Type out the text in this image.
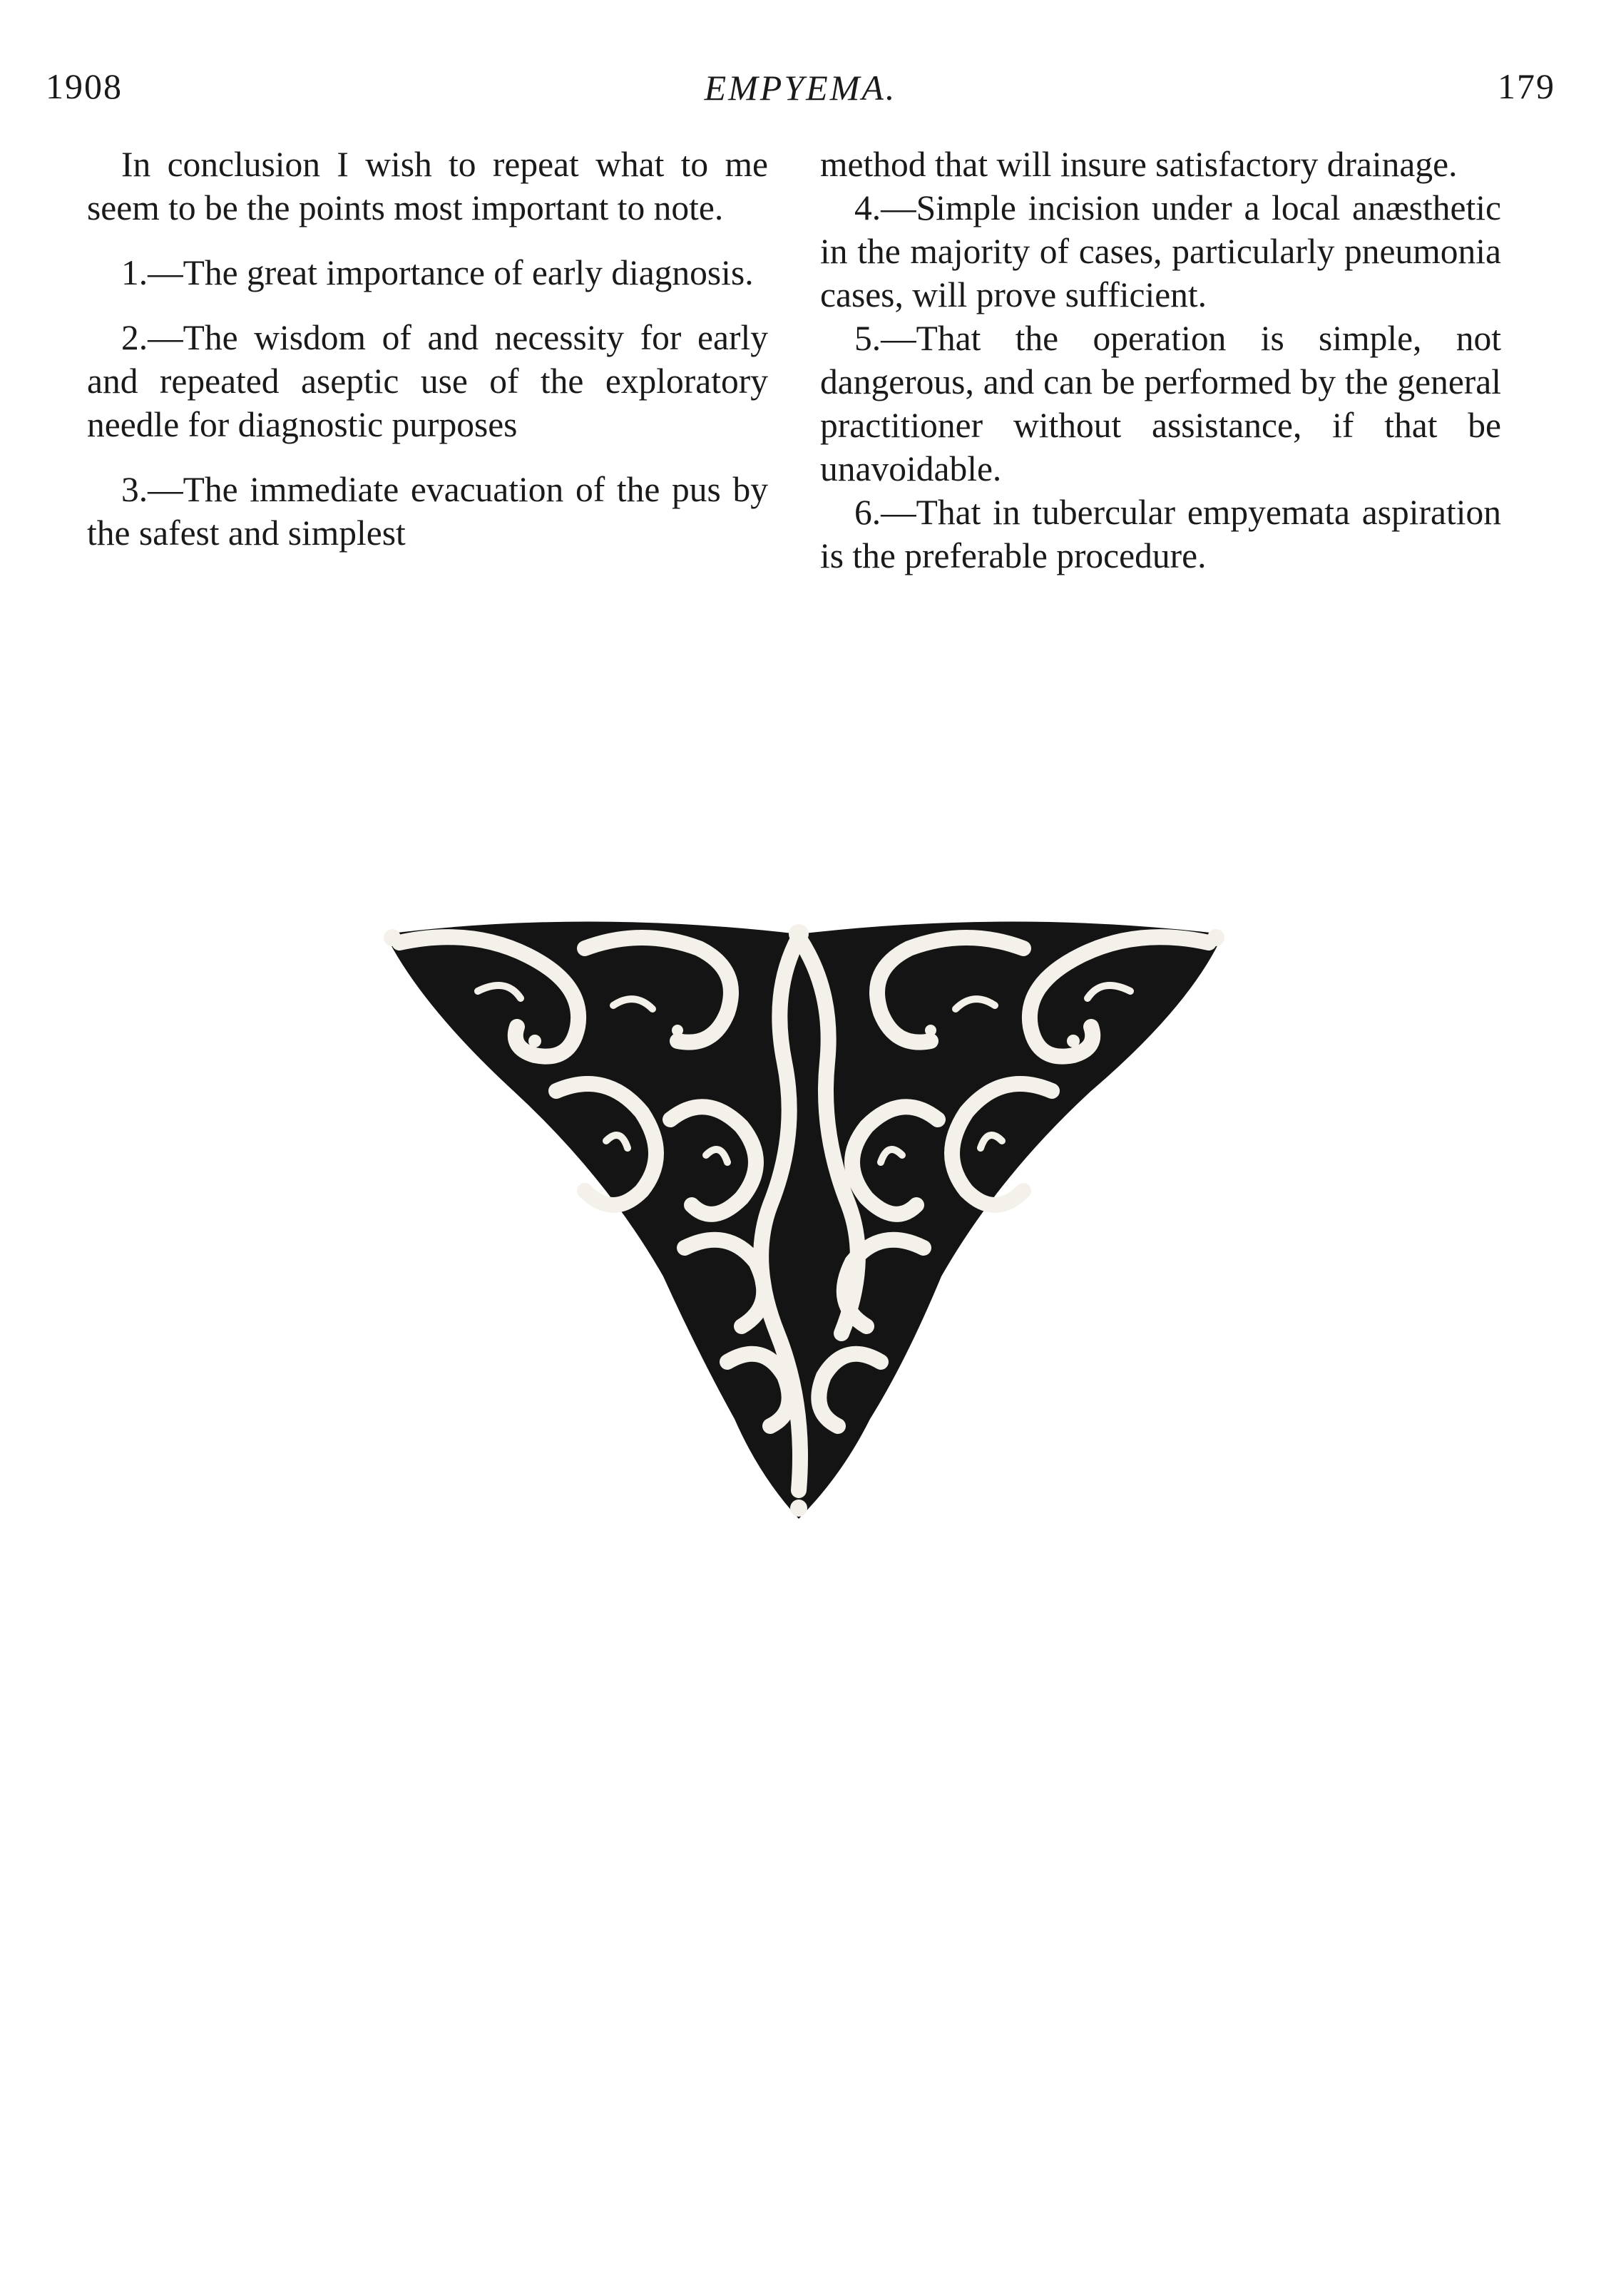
1908	EMPYEMA.	179

In conclusion I wish to repeat what to me seem to be the points most important to note.

1.—The great importance of early diagnosis.

2.—The wisdom of and necessity for early and repeated aseptic use of the exploratory needle for diagnostic purposes

3.—The immediate evacuation of the pus by the safest and simplest

method that will insure satisfactory drainage.

4.—Simple incision under a local anæsthetic in the majority of cases, particularly pneumonia cases, will prove sufficient.

5.—That the operation is simple, not dangerous, and can be performed by the general practitioner without assistance, if that be unavoidable.

6.—That in tubercular empyemata aspiration is the preferable procedure.
